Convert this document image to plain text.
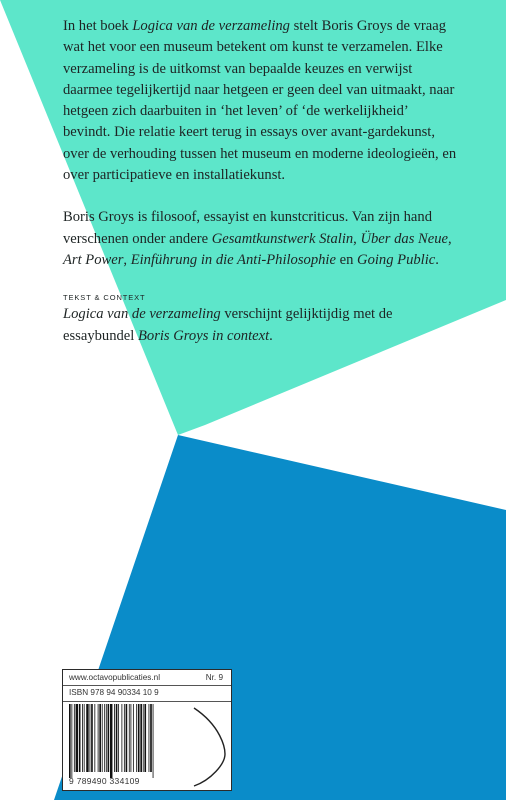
In het boek Logica van de verzameling stelt Boris Groys de vraag wat het voor een museum betekent om kunst te verzamelen. Elke verzameling is de uitkomst van bepaalde keuzes en verwijst daarmee tegelijkertijd naar hetgeen er geen deel van uitmaakt, naar hetgeen zich daarbuiten in ‘het leven’ of ‘de werkelijkheid’ bevindt. Die relatie keert terug in essays over avant-gardekunst, over de verhouding tussen het museum en moderne ideologieën, en over participatieve en installatiekunst.

Boris Groys is filosoof, essayist en kunstcriticus. Van zijn hand verschenen onder andere Gesamtkunstwerk Stalin, Über das Neue, Art Power, Einführung in die Anti-Philosophie en Going Public.

TEKST & CONTEXT

Logica van de verzameling verschijnt gelijktijdig met de essaybundel Boris Groys in context.

www.octavopublicaties.nl	Nr. 9
ISBN 978 94 90334 10 9
9 789490 334109
